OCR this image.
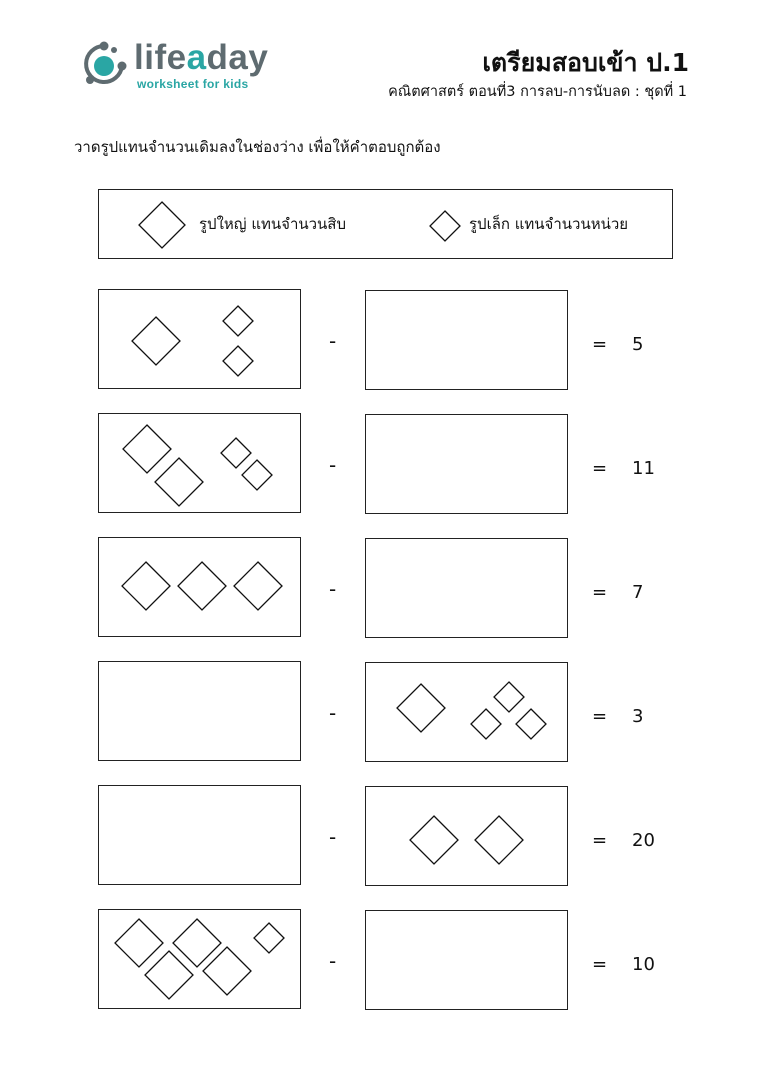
lifeaday
worksheet for kids
เตรียมสอบเข้า ป.1
คณิตศาสตร์ ตอนที่3 การลบ-การนับลด : ชุดที่ 1
วาดรูปแทนจำนวนเดิมลงในช่องว่าง เพื่อให้คำตอบถูกต้อง
รูปใหญ่ แทนจำนวนสิบ	รูปเล็ก แทนจำนวนหน่วย
-	= 5
-	= 11
-	= 7
-	= 3
-	= 20
-	= 10
